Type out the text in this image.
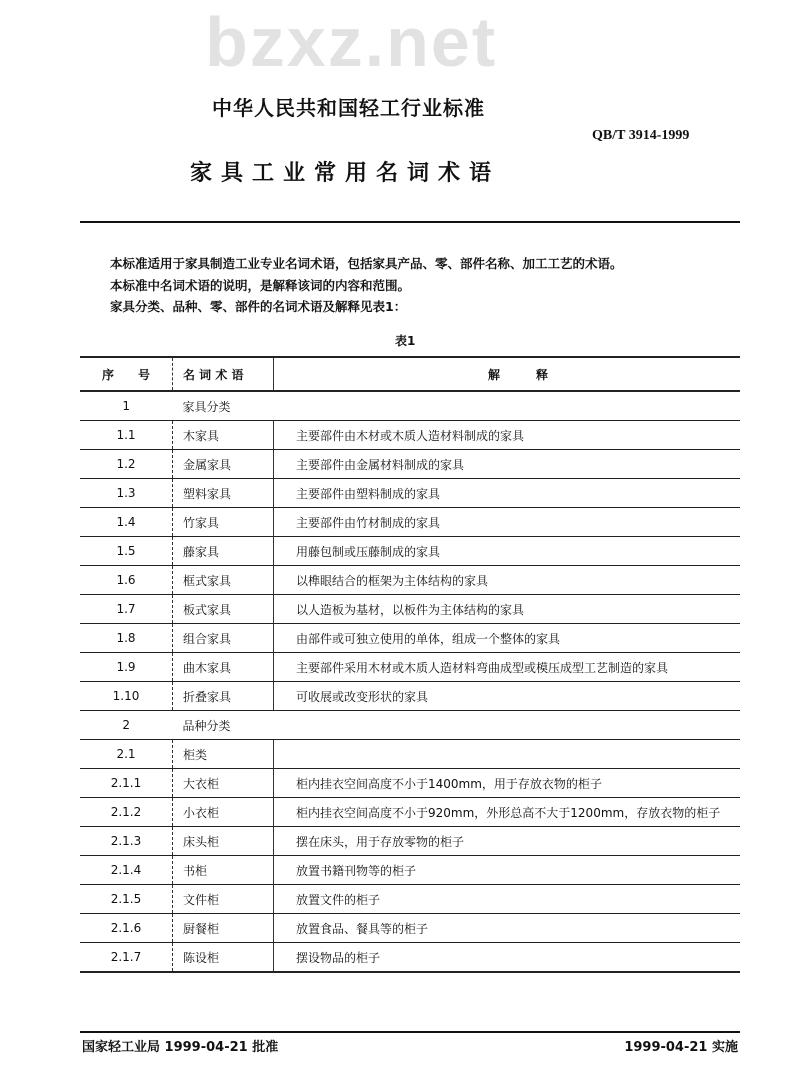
bzxz.net
中华人民共和国轻工行业标准
QB/T 3914-1999
家具工业常用名词术语
本标准适用于家具制造工业专业名词术语，包括家具产品、零、部件名称、加工工艺的术语。
本标准中名词术语的说明，是解释该词的内容和范围。
家具分类、品种、零、部件的名词术语及解释见表1：
表1
序　　号	名 词 术 语	解　　　释
1	家具分类	
1.1	木家具	主要部件由木材或木质人造材料制成的家具
1.2	金属家具	主要部件由金属材料制成的家具
1.3	塑料家具	主要部件由塑料制成的家具
1.4	竹家具	主要部件由竹材制成的家具
1.5	藤家具	用藤包制或压藤制成的家具
1.6	框式家具	以榫眼结合的框架为主体结构的家具
1.7	板式家具	以人造板为基材，以板件为主体结构的家具
1.8	组合家具	由部件或可独立使用的单体，组成一个整体的家具
1.9	曲木家具	主要部件采用木材或木质人造材料弯曲成型或模压成型工艺制造的家具
1.10	折叠家具	可收展或改变形状的家具
2	品种分类	
2.1	柜类	
2.1.1	大衣柜	柜内挂衣空间高度不小于1400mm，用于存放衣物的柜子
2.1.2	小衣柜	柜内挂衣空间高度不小于920mm，外形总高不大于1200mm，存放衣物的柜子
2.1.3	床头柜	摆在床头，用于存放零物的柜子
2.1.4	书柜	放置书籍刊物等的柜子
2.1.5	文件柜	放置文件的柜子
2.1.6	厨餐柜	放置食品、餐具等的柜子
2.1.7	陈设柜	摆设物品的柜子
国家轻工业局 1999-04-21 批准	1999-04-21 实施
